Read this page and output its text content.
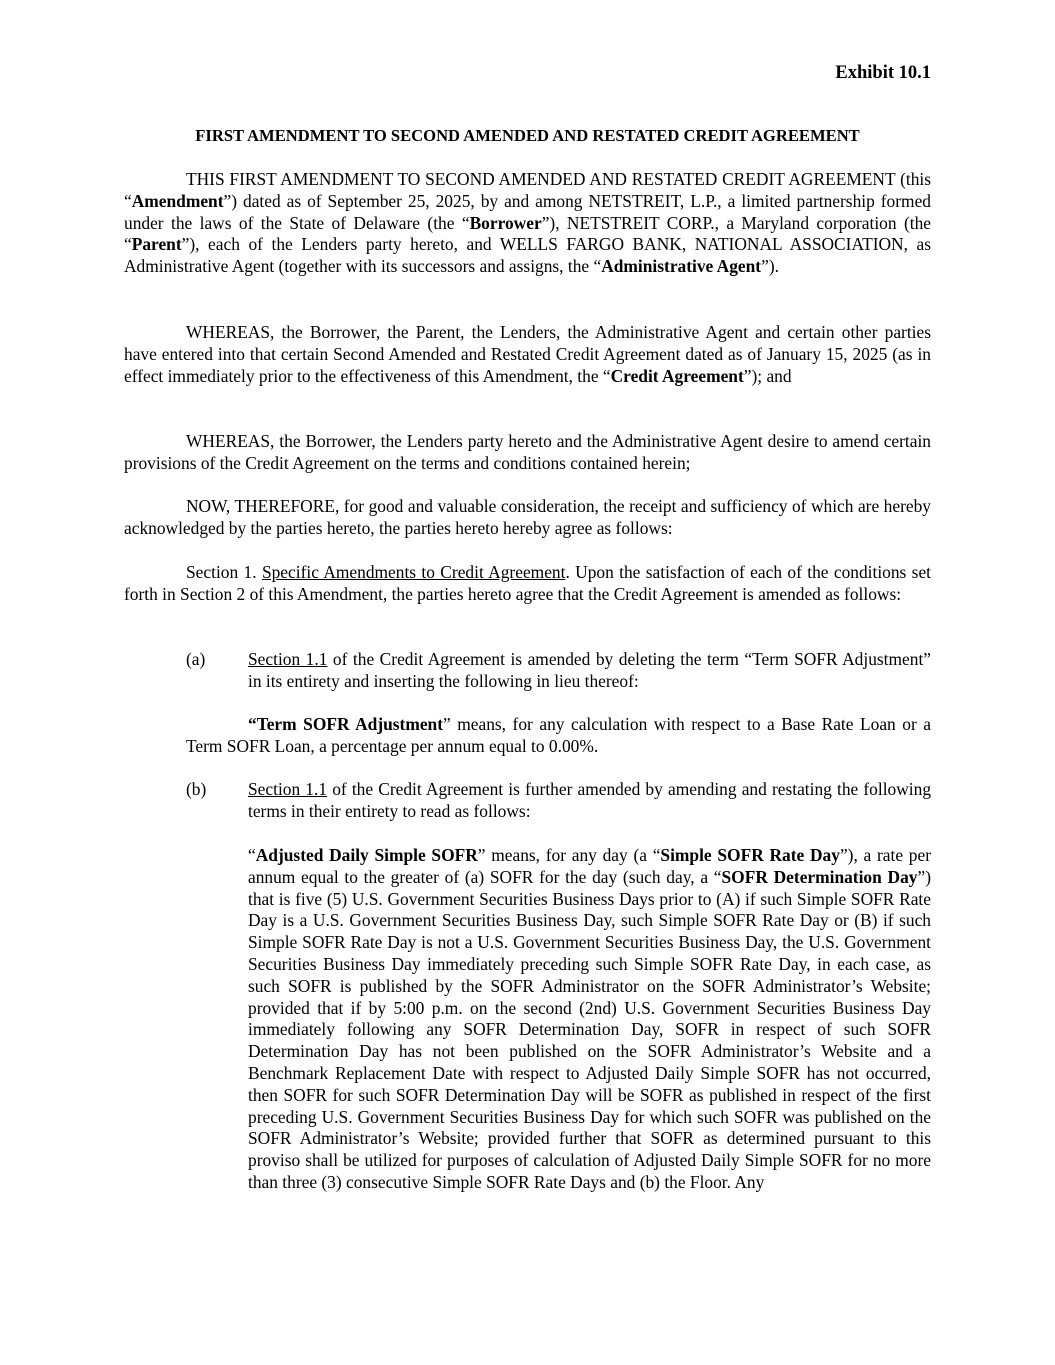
Exhibit 10.1
FIRST AMENDMENT TO SECOND AMENDED AND RESTATED CREDIT AGREEMENT

THIS FIRST AMENDMENT TO SECOND AMENDED AND RESTATED CREDIT AGREEMENT (this “Amendment”) dated as of September 25, 2025, by and among NETSTREIT, L.P., a limited partnership formed under the laws of the State of Delaware (the “Borrower”), NETSTREIT CORP., a Maryland corporation (the “Parent”), each of the Lenders party hereto, and WELLS FARGO BANK, NATIONAL ASSOCIATION, as Administrative Agent (together with its successors and assigns, the “Administrative Agent”).

WHEREAS, the Borrower, the Parent, the Lenders, the Administrative Agent and certain other parties have entered into that certain Second Amended and Restated Credit Agreement dated as of January 15, 2025 (as in effect immediately prior to the effectiveness of this Amendment, the “Credit Agreement”); and

WHEREAS, the Borrower, the Lenders party hereto and the Administrative Agent desire to amend certain provisions of the Credit Agreement on the terms and conditions contained herein;

NOW, THEREFORE, for good and valuable consideration, the receipt and sufficiency of which are hereby acknowledged by the parties hereto, the parties hereto hereby agree as follows:

Section 1. Specific Amendments to Credit Agreement. Upon the satisfaction of each of the conditions set forth in Section 2 of this Amendment, the parties hereto agree that the Credit Agreement is amended as follows:

(a) Section 1.1 of the Credit Agreement is amended by deleting the term “Term SOFR Adjustment” in its entirety and inserting the following in lieu thereof:

“Term SOFR Adjustment” means, for any calculation with respect to a Base Rate Loan or a Term SOFR Loan, a percentage per annum equal to 0.00%.

(b) Section 1.1 of the Credit Agreement is further amended by amending and restating the following terms in their entirety to read as follows:

“Adjusted Daily Simple SOFR” means, for any day (a “Simple SOFR Rate Day”), a rate per annum equal to the greater of (a) SOFR for the day (such day, a “SOFR Determination Day”) that is five (5) U.S. Government Securities Business Days prior to (A) if such Simple SOFR Rate Day is a U.S. Government Securities Business Day, such Simple SOFR Rate Day or (B) if such Simple SOFR Rate Day is not a U.S. Government Securities Business Day, the U.S. Government Securities Business Day immediately preceding such Simple SOFR Rate Day, in each case, as such SOFR is published by the SOFR Administrator on the SOFR Administrator’s Website; provided that if by 5:00 p.m. on the second (2nd) U.S. Government Securities Business Day immediately following any SOFR Determination Day, SOFR in respect of such SOFR Determination Day has not been published on the SOFR Administrator’s Website and a Benchmark Replacement Date with respect to Adjusted Daily Simple SOFR has not occurred, then SOFR for such SOFR Determination Day will be SOFR as published in respect of the first preceding U.S. Government Securities Business Day for which such SOFR was published on the SOFR Administrator’s Website; provided further that SOFR as determined pursuant to this proviso shall be utilized for purposes of calculation of Adjusted Daily Simple SOFR for no more than three (3) consecutive Simple SOFR Rate Days and (b) the Floor. Any
